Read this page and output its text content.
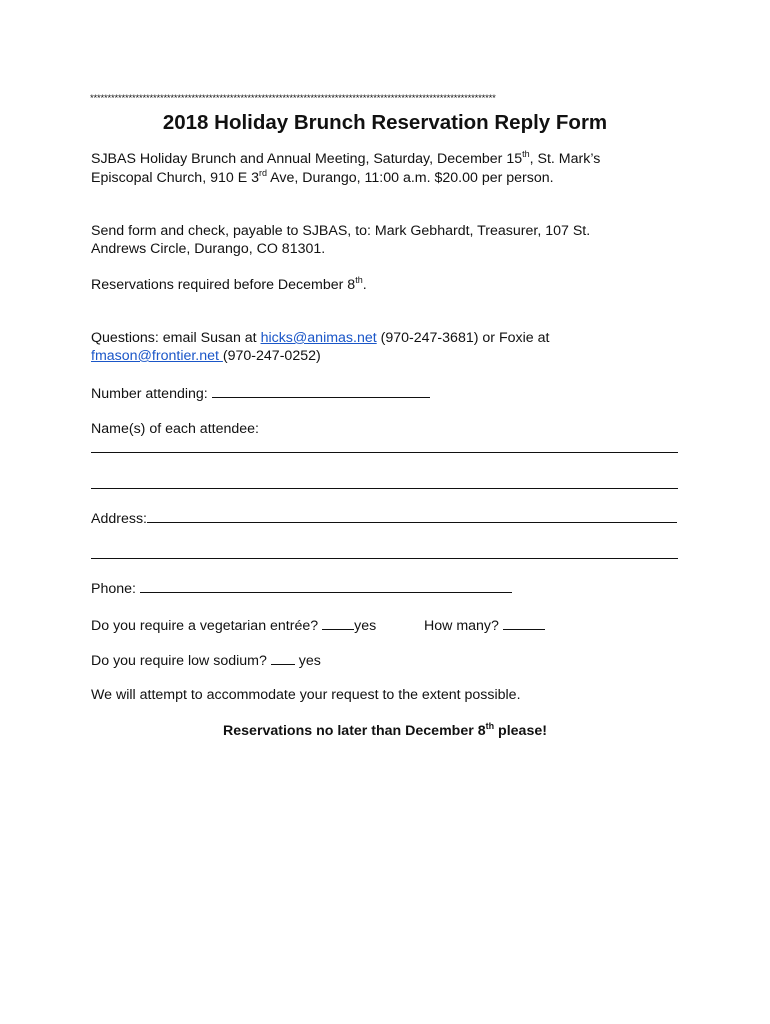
********************************************************************************************************************
2018 Holiday Brunch Reservation Reply Form
SJBAS Holiday Brunch and Annual Meeting, Saturday, December 15th, St. Mark’s
Episcopal Church, 910 E 3rd Ave, Durango, 11:00 a.m. $20.00 per person.
Send form and check, payable to SJBAS, to: Mark Gebhardt, Treasurer, 107 St.
Andrews Circle, Durango, CO 81301.
Reservations required before December 8th.
Questions: email Susan at hicks@animas.net (970-247-3681) or Foxie at
fmason@frontier.net (970-247-0252)
Number attending:
Name(s) of each attendee:
Address:
Phone:
Do you require a vegetarian entrée? yes	How many?
Do you require low sodium?  yes
We will attempt to accommodate your request to the extent possible.
Reservations no later than December 8th please!
